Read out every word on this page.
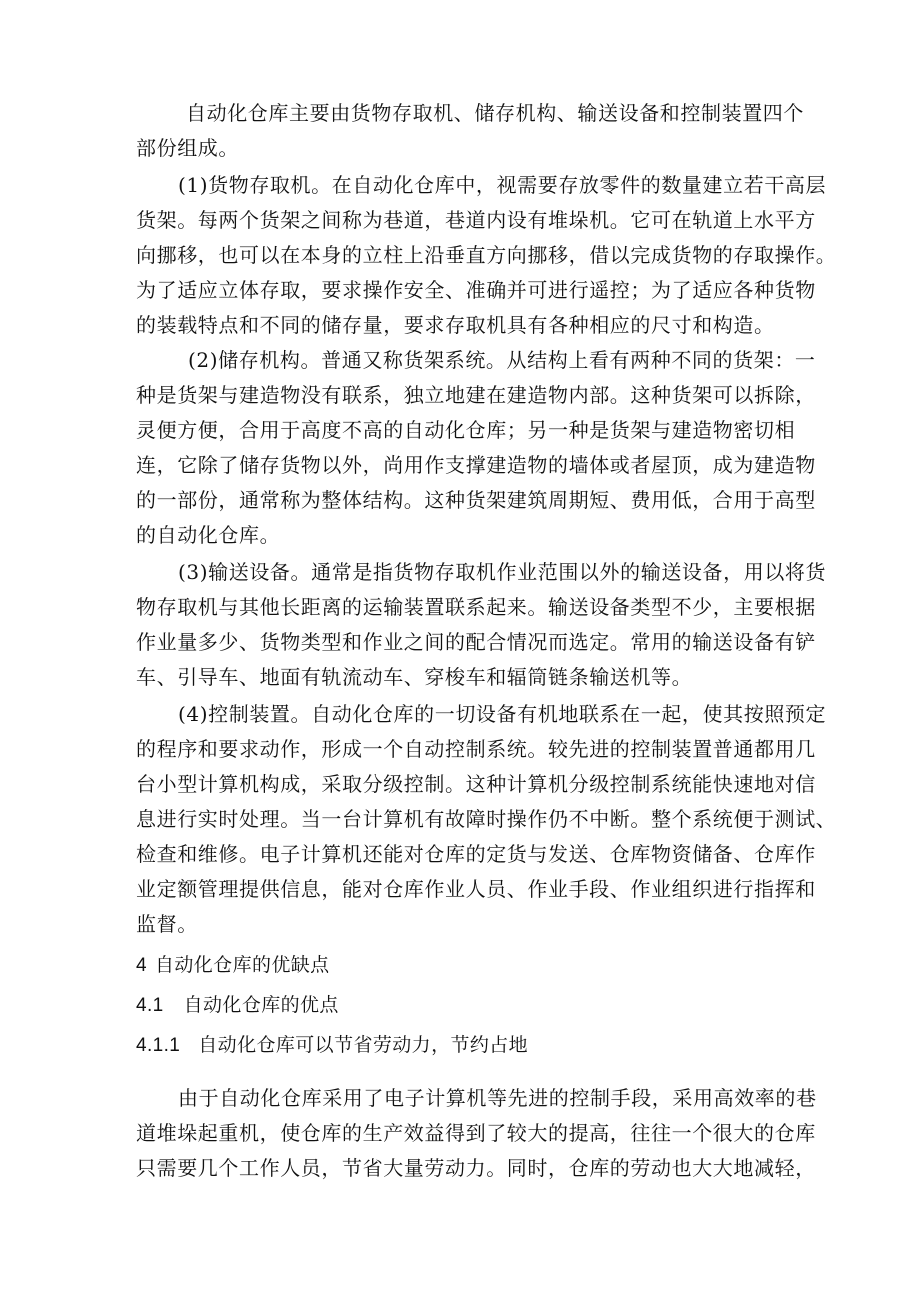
自动化仓库主要由货物存取机、储存机构、输送设备和控制装置四个

部份组成。

(1)货物存取机。在自动化仓库中，视需要存放零件的数量建立若干高层

货架。每两个货架之间称为巷道，巷道内设有堆垛机。它可在轨道上水平方

向挪移，也可以在本身的立柱上沿垂直方向挪移，借以完成货物的存取操作。

为了适应立体存取，要求操作安全、准确并可进行遥控；为了适应各种货物

的装载特点和不同的储存量，要求存取机具有各种相应的尺寸和构造。

(2)储存机构。普通又称货架系统。从结构上看有两种不同的货架：一

种是货架与建造物没有联系，独立地建在建造物内部。这种货架可以拆除，

灵便方便，合用于高度不高的自动化仓库；另一种是货架与建造物密切相

连，它除了储存货物以外，尚用作支撑建造物的墙体或者屋顶，成为建造物

的一部份，通常称为整体结构。这种货架建筑周期短、费用低，合用于高型

的自动化仓库。

(3)输送设备。通常是指货物存取机作业范围以外的输送设备，用以将货

物存取机与其他长距离的运输装置联系起来。输送设备类型不少，主要根据

作业量多少、货物类型和作业之间的配合情况而选定。常用的输送设备有铲

车、引导车、地面有轨流动车、穿梭车和辐筒链条输送机等。

(4)控制装置。自动化仓库的一切设备有机地联系在一起，使其按照预定

的程序和要求动作，形成一个自动控制系统。较先进的控制装置普通都用几

台小型计算机构成，采取分级控制。这种计算机分级控制系统能快速地对信

息进行实时处理。当一台计算机有故障时操作仍不中断。整个系统便于测试、

检查和维修。电子计算机还能对仓库的定货与发送、仓库物资储备、仓库作

业定额管理提供信息，能对仓库作业人员、作业手段、作业组织进行指挥和

监督。

4 自动化仓库的优缺点
4.1 自动化仓库的优点
4.1.1 自动化仓库可以节省劳动力，节约占地

由于自动化仓库采用了电子计算机等先进的控制手段，采用高效率的巷

道堆垛起重机，使仓库的生产效益得到了较大的提高，往往一个很大的仓库

只需要几个工作人员，节省大量劳动力。同时，仓库的劳动也大大地减轻，
